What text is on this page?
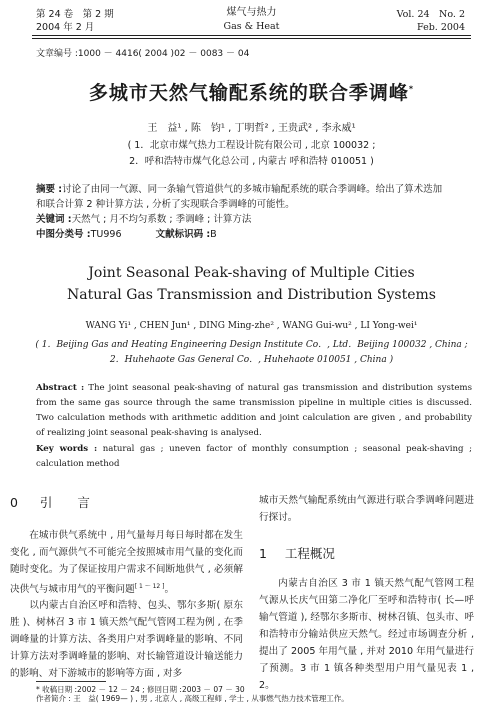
第 24 卷　第 2 期
2004 年 2 月
煤气与热力
Gas & Heat
Vol. 24　No. 2
Feb. 2004
文章编号 :1000 － 4416( 2004 )02 － 0083 － 04
多城市天然气输配系统的联合季调峰*
王　益¹ , 陈　钧¹ , 丁明哲² , 王贵武² , 李永威¹
( 1．北京市煤气热力工程设计院有限公司 , 北京 100032 ;
2．呼和浩特市煤气化总公司 , 内蒙古 呼和浩特 010051 )
摘要 :讨论了由同一气源、同一条输气管道供气的多城市输配系统的联合季调峰。给出了算术迭加
和联合计算 2 种计算方法 , 分析了实现联合季调峰的可能性。
关键词 :天然气 ; 月不均匀系数 ; 季调峰 ; 计算方法
中图分类号 :TU996	文献标识码 :B
Joint Seasonal Peak-shaving of Multiple Cities
Natural Gas Transmission and Distribution Systems
WANG Yi¹ , CHEN Jun¹ , DING Ming-zhe² , WANG Gui-wu² , LI Yong-wei¹
( 1．Beijing Gas and Heating Engineering Design Institute Co．, Ltd．Beijing 100032 , China ;
2．Huhehaote Gas General Co．, Huhehaote 010051 , China )
Abstract : The joint seasonal peak-shaving of natural gas transmission and distribution systems from the same gas source through the same transmission pipeline in multiple cities is discussed. Two calculation methods with arithmetic addition and joint calculation are given , and probability of realizing joint seasonal peak-shaving is analysed.
Key words : natural gas ; uneven factor of monthly consumption ; seasonal peak-shaving ; calculation method
0 引　　言
在城市供气系统中 , 用气量每月每日每时都在发生变化 , 而气源供气不可能完全按照城市用气量的变化而随时变化。为了保证按用户需求不间断地供气 , 必须解决供气与城市用气的平衡问题[ 1 ～ 12 ]。
以内蒙古自治区呼和浩特、包头、鄂尔多斯( 原东胜 )、树林召 3 市 1 镇天然气配气管网工程为例 , 在季调峰量的计算方法、各类用户对季调峰量的影响、不同计算方法对季调峰量的影响、对长输管道设计输送能力的影响、对下游城市的影响等方面 , 对多
城市天然气输配系统由气源进行联合季调峰问题进行探讨。
1 工程概况
内蒙古自治区 3 市 1 镇天然气配气管网工程气源从长庆气田第二净化厂至呼和浩特市( 长—呼输气管道 ), 经鄂尔多斯市、树林召镇、包头市、呼和浩特市分输站供应天然气。经过市场调查分析 , 提出了 2005 年用气量 , 并对 2010 年用气量进行了预测。3 市 1 镇各种类型用户用气量见表 1 , 2。
* 收稿日期 :2002 － 12 － 24 ; 修回日期 :2003 － 07 － 30
作者简介 : 王　益( 1969— ) , 男 , 北京人 , 高级工程师 , 学士 , 从事燃气热力技术管理工作。
